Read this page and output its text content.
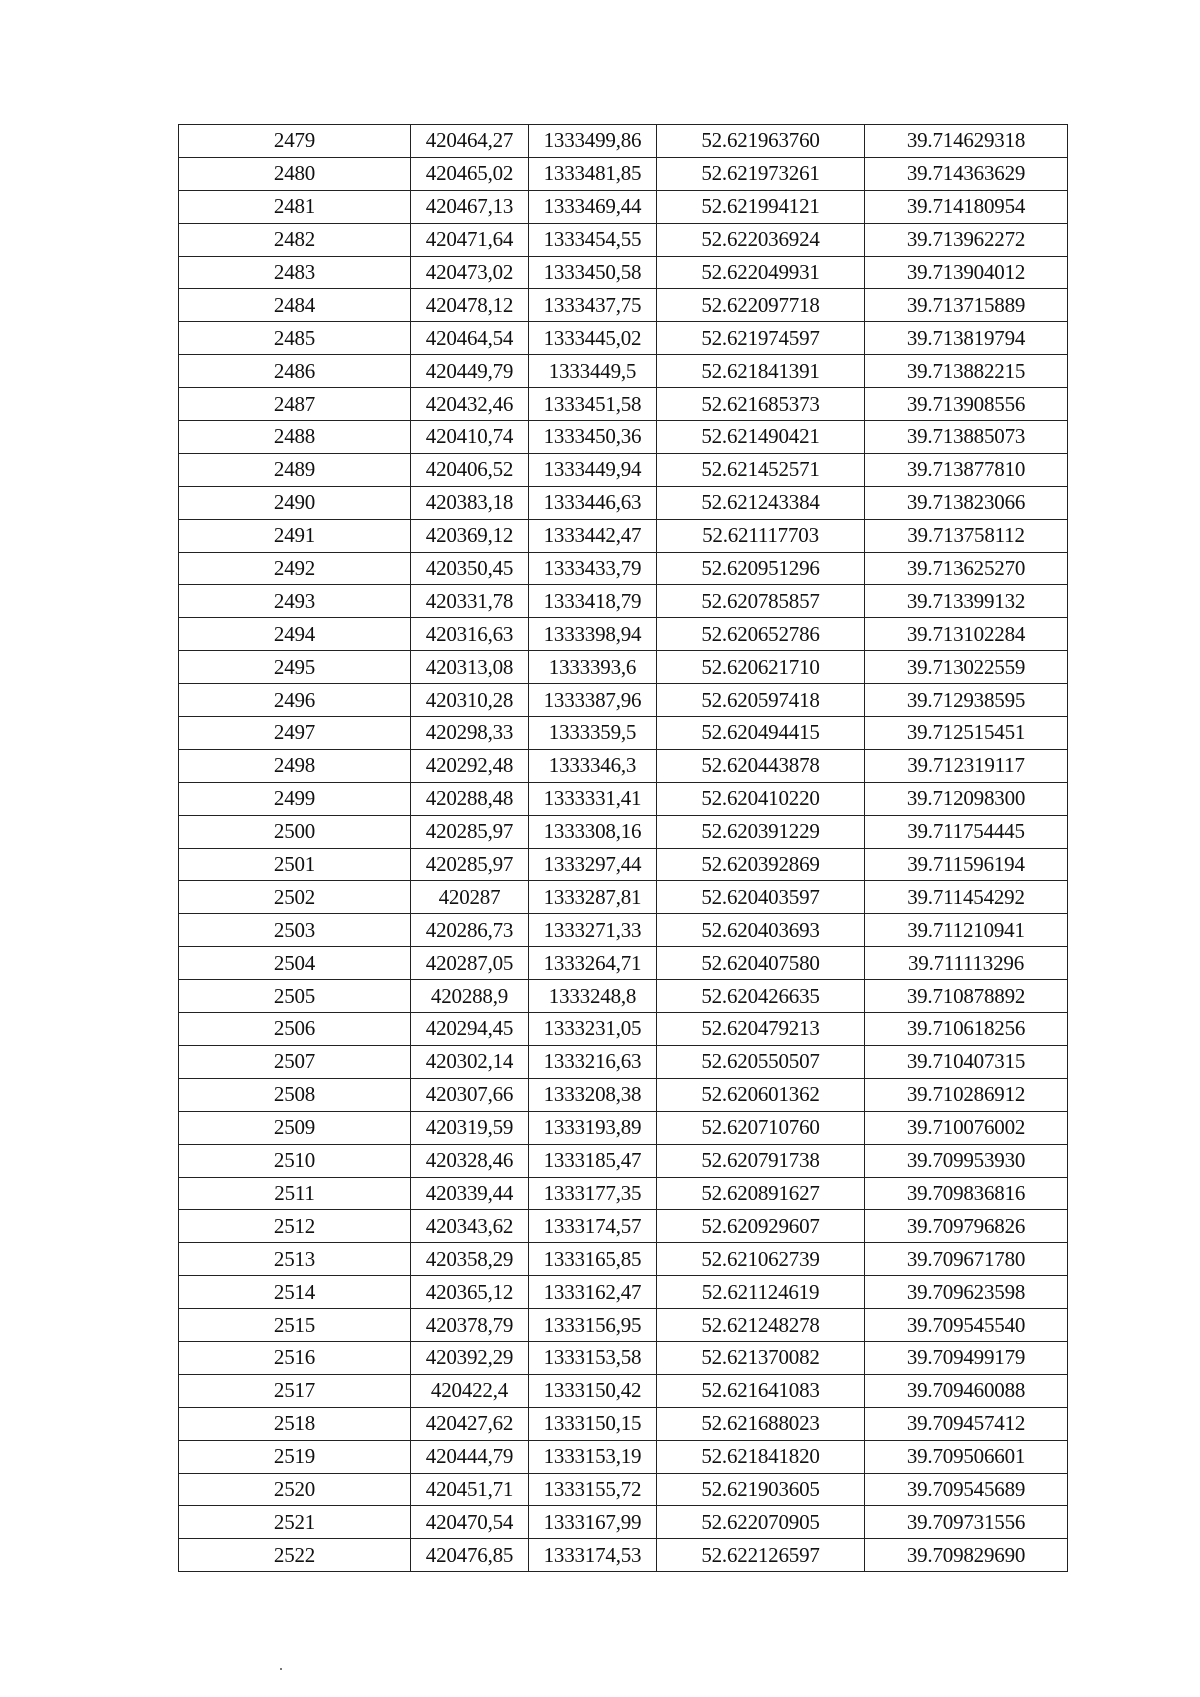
2479	420464,27	1333499,86	52.621963760	39.714629318
2480	420465,02	1333481,85	52.621973261	39.714363629
2481	420467,13	1333469,44	52.621994121	39.714180954
2482	420471,64	1333454,55	52.622036924	39.713962272
2483	420473,02	1333450,58	52.622049931	39.713904012
2484	420478,12	1333437,75	52.622097718	39.713715889
2485	420464,54	1333445,02	52.621974597	39.713819794
2486	420449,79	1333449,5	52.621841391	39.713882215
2487	420432,46	1333451,58	52.621685373	39.713908556
2488	420410,74	1333450,36	52.621490421	39.713885073
2489	420406,52	1333449,94	52.621452571	39.713877810
2490	420383,18	1333446,63	52.621243384	39.713823066
2491	420369,12	1333442,47	52.621117703	39.713758112
2492	420350,45	1333433,79	52.620951296	39.713625270
2493	420331,78	1333418,79	52.620785857	39.713399132
2494	420316,63	1333398,94	52.620652786	39.713102284
2495	420313,08	1333393,6	52.620621710	39.713022559
2496	420310,28	1333387,96	52.620597418	39.712938595
2497	420298,33	1333359,5	52.620494415	39.712515451
2498	420292,48	1333346,3	52.620443878	39.712319117
2499	420288,48	1333331,41	52.620410220	39.712098300
2500	420285,97	1333308,16	52.620391229	39.711754445
2501	420285,97	1333297,44	52.620392869	39.711596194
2502	420287	1333287,81	52.620403597	39.711454292
2503	420286,73	1333271,33	52.620403693	39.711210941
2504	420287,05	1333264,71	52.620407580	39.711113296
2505	420288,9	1333248,8	52.620426635	39.710878892
2506	420294,45	1333231,05	52.620479213	39.710618256
2507	420302,14	1333216,63	52.620550507	39.710407315
2508	420307,66	1333208,38	52.620601362	39.710286912
2509	420319,59	1333193,89	52.620710760	39.710076002
2510	420328,46	1333185,47	52.620791738	39.709953930
2511	420339,44	1333177,35	52.620891627	39.709836816
2512	420343,62	1333174,57	52.620929607	39.709796826
2513	420358,29	1333165,85	52.621062739	39.709671780
2514	420365,12	1333162,47	52.621124619	39.709623598
2515	420378,79	1333156,95	52.621248278	39.709545540
2516	420392,29	1333153,58	52.621370082	39.709499179
2517	420422,4	1333150,42	52.621641083	39.709460088
2518	420427,62	1333150,15	52.621688023	39.709457412
2519	420444,79	1333153,19	52.621841820	39.709506601
2520	420451,71	1333155,72	52.621903605	39.709545689
2521	420470,54	1333167,99	52.622070905	39.709731556
2522	420476,85	1333174,53	52.622126597	39.709829690
